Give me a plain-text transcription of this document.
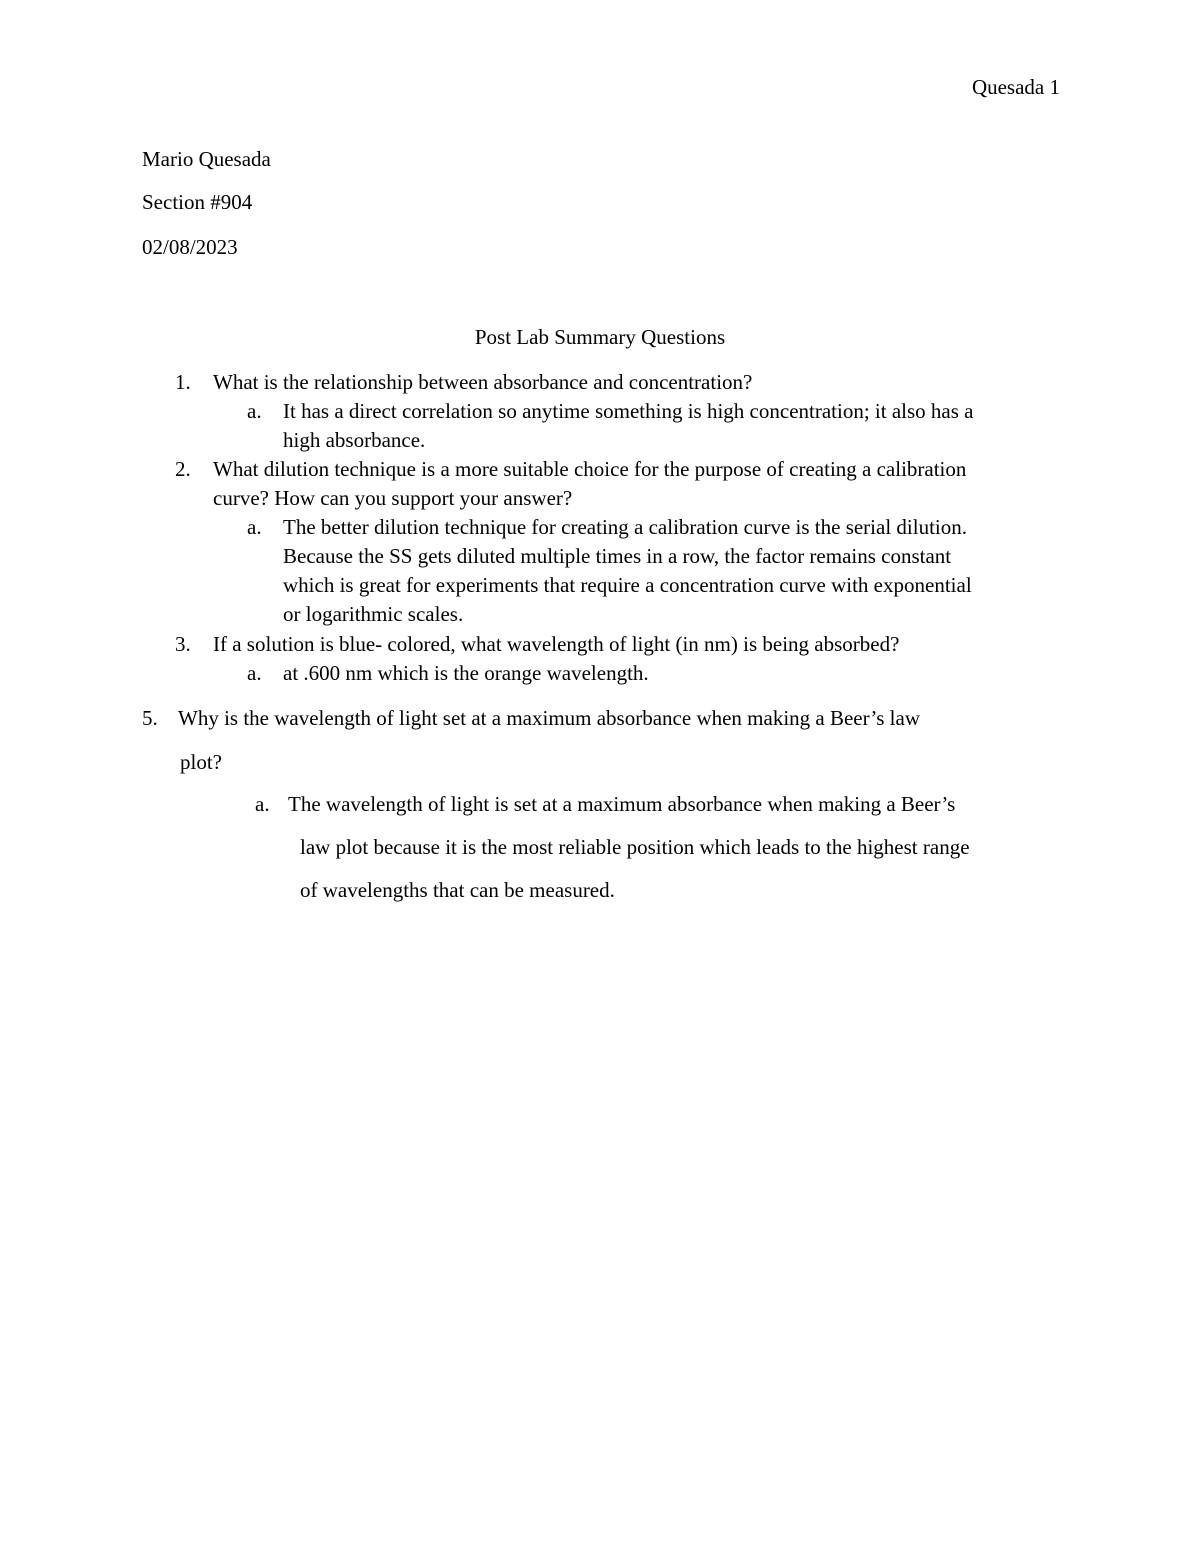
Quesada 1
Mario Quesada
Section #904
02/08/2023
Post Lab Summary Questions
1. What is the relationship between absorbance and concentration?
a. It has a direct correlation so anytime something is high concentration; it also has a
high absorbance.
2. What dilution technique is a more suitable choice for the purpose of creating a calibration
curve? How can you support your answer?
a. The better dilution technique for creating a calibration curve is the serial dilution.
Because the SS gets diluted multiple times in a row, the factor remains constant
which is great for experiments that require a concentration curve with exponential
or logarithmic scales.
3. If a solution is blue- colored, what wavelength of light (in nm) is being absorbed?
a. at .600 nm which is the orange wavelength.
5. Why is the wavelength of light set at a maximum absorbance when making a Beer’s law
plot?
a. The wavelength of light is set at a maximum absorbance when making a Beer’s
law plot because it is the most reliable position which leads to the highest range
of wavelengths that can be measured.
